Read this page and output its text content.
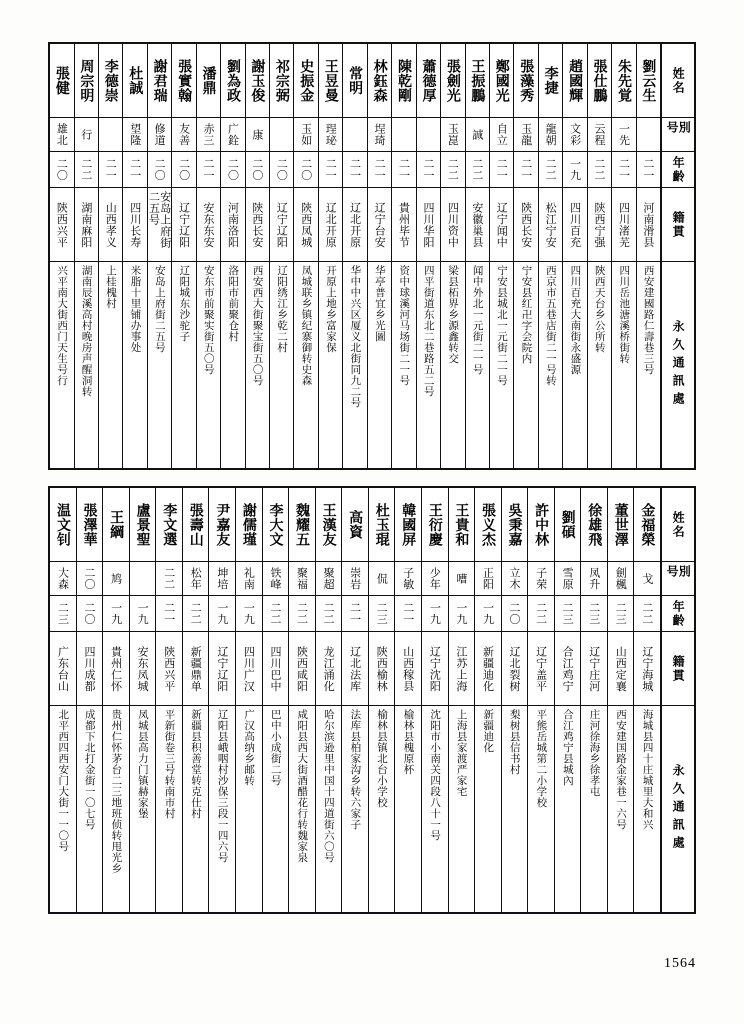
姓名
別号
年齡
籍貫
永久通訊處
劉云生
二一
河南滑县
西安建國路仁壽巷三号
朱先覚
一先
二一
四川渚芜
四川岳池溏溪桥街转
張仕鵬
云程
二二
陝西宁强
陝西天台乡公所转
趙國輝
文彩
一九
四川百充
四川百充大南街永盛源
李捷
龍朝
二二
松江宁安
西京市五巷店街二一号转
張藻秀
玉龍
二一
陝西长安
宁安县红卍字会院内
鄭國光
自立
二一
辽宁闻中
宁安县城北一元街二一号
王振鵬
誠
二二
安徽巢县
闻中外北一元街二一号
張劍光
玉崑
二二
四川资中
梁县柘界乡源鑫转交
蕭德厚
二一
四川华阳
四平街道东北二巷路五二号
陳乾剛
二一
貴州毕节
资中球溪河马场街二一号
林鈺森
埕琦
二一
辽宁台安
华亭普宜乡光圖
常明
二一
辽北开原
华中中兴区厦义北街同九二号
王昱曼
珵珌
二一
辽北开原
开原上地乡富家保
史振金
玉如
二〇
陝西凤城
凤城联乡镇纪寨御转史森
祁宗弼
二〇
辽宁辽阳
辽阳绣江乡乾二村
謝玉俊
康
二〇
陝西长安
西安西大街聚宝街五〇号
劉為政
广銓
二〇
河南洛阳
洛阳市前聚仓村
潘鼎
赤三
二一
安东东安
安东市前聚实街五〇号
張實翰
友善
二〇
辽宁辽阳
辽阳城东沙驼子
謝君瑞
修道
二〇
安岛上府街二五号
安岛上府街二五号
杜誠
望隆
二一
四川长寿
米脂十里铺办事处
李德崇
二一
山西孝义
上桂槐村
周宗明
行
二二
湖南麻阳
湖南辰溪高村晚房声醒洞转
張健
雄北
二〇
陝西兴平
兴平南大街西门天生号行
姓名
別号
年齡
籍貫
永久通訊處
金福榮
戈
二二
辽宁海城
海城县四十庄城里大和兴
董世澤
劍楓
二三
山西定襄
西安建国路金家巷一六号
徐雄飛
凤升
二三
辽宁庄河
庄河徐海乡徐孝屯
劉碩
雪原
二三
合江鸡宁
合江鸡宁县城內
許中林
子荣
二二
辽宁盖平
平熊岳城第二小学校
吳秉嘉
立木
二〇
辽北裂树
梨树县信书村
張义杰
正阳
一九
新疆迪化
新疆迪化
王貴和
嘈
一九
江苏上海
上海县家渡严家宅
王衍慶
少年
一九
辽宁沈阳
沈阳市小南关四段八十一号
韓國屏
子敏
二一
山西稼县
榆林县槐原杯
杜玉琨
侃
二三
陝西榆林
榆林县镇北台小学校
高資
崇岩
二一
辽北法库
法库县柏家沟乡转六家子
王漢友
聚超
二二
龙江涌化
哈尔滨逊里中国十四道街六〇号
魏耀五
聚福
二二
陝西咸阳
咸阳县西大街酒醋花行转魏家泉
李大文
铁峰
二二
四川巴中
巴中小成街二号
謝儒瑾
礼南
一九
四川广汉
广汉高纳乡邮转
尹嘉友
坤培
一九
辽宁辽阳
辽阳县峨咽村沙保三段一四六号
張壽山
松年
二二
新疆鼎单
新疆县积善堂转克仕村
李文選
二二
二一
陝西兴平
平新街卷三号转南市村
盧景聖
一九
安东凤城
凤城县高力门镇赫家堡
王綱
鸠
一九
貴州仁怀
贵州仁怀茅台二三地班侦转甩光乡
張澤華
二〇
二〇
四川成都
成都下北打金街一〇七号
温文钊
大森
二三
广东台山
北平西四西安门大街一一〇号
1564
